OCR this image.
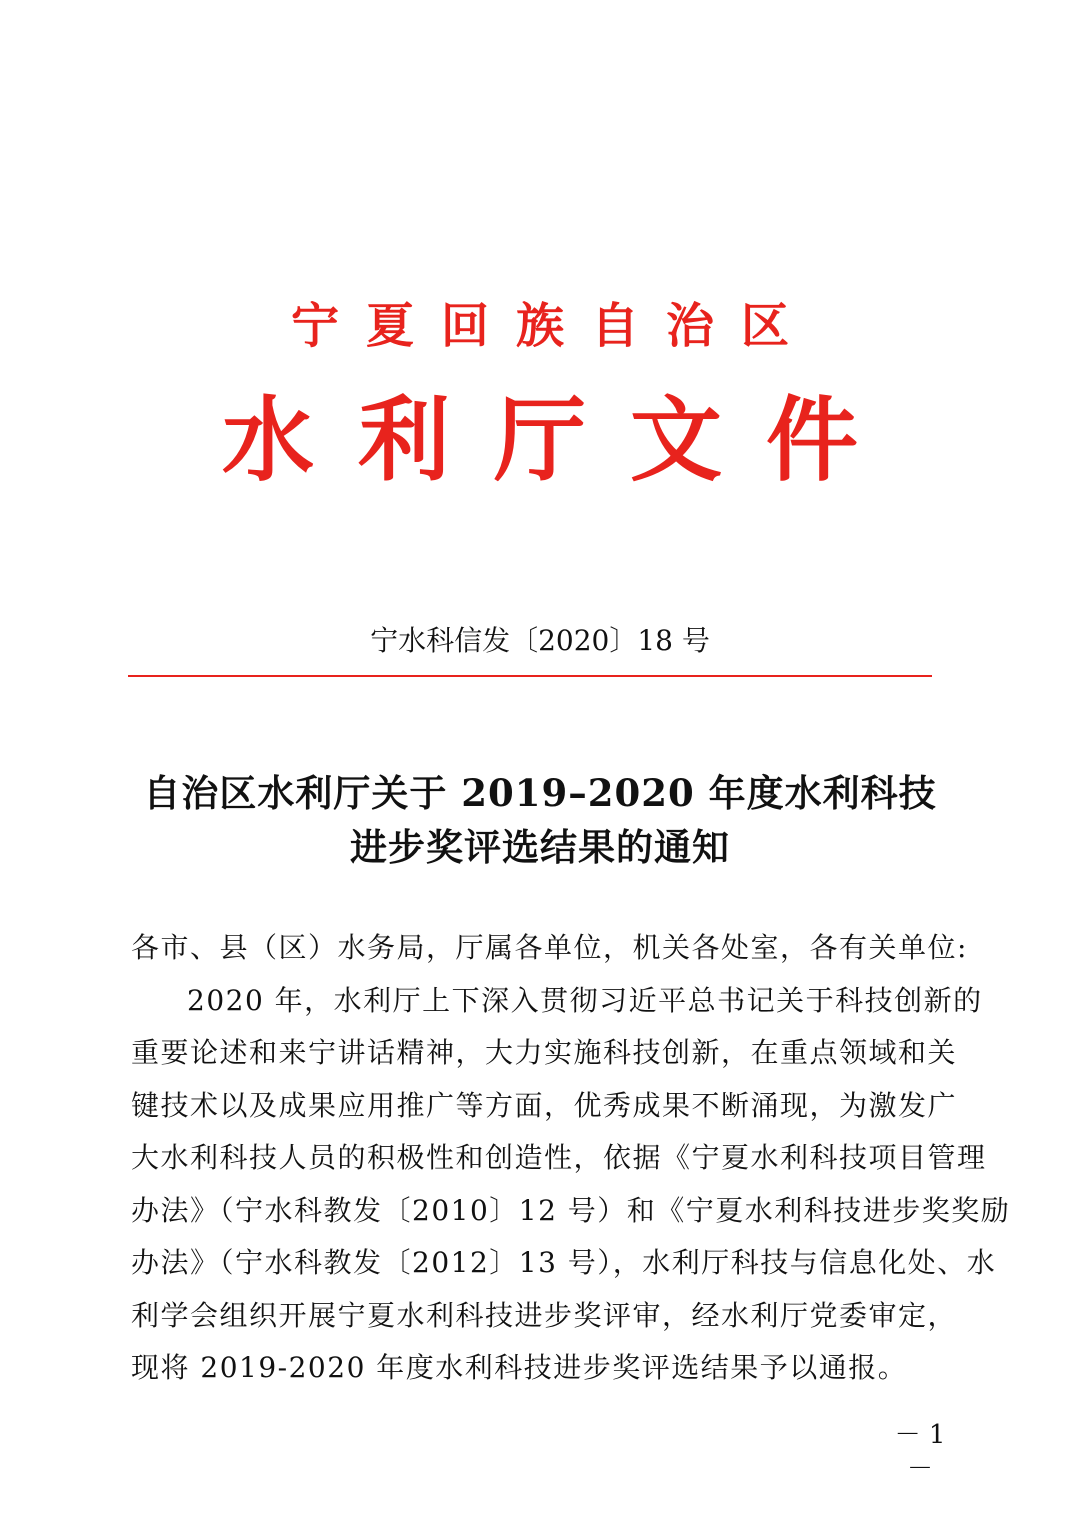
宁夏回族自治区
水利厅文件
宁水科信发〔2020〕18 号
自治区水利厅关于 2019–2020 年度水利科技
进步奖评选结果的通知
各市、县（区）水务局，厅属各单位，机关各处室，各有关单位:
2020 年，水利厅上下深入贯彻习近平总书记关于科技创新的
重要论述和来宁讲话精神，大力实施科技创新，在重点领域和关
键技术以及成果应用推广等方面，优秀成果不断涌现，为激发广
大水利科技人员的积极性和创造性，依据《宁夏水利科技项目管理
办法》（宁水科教发〔2010〕12 号）和《宁夏水利科技进步奖奖励
办法》（宁水科教发〔2012〕13 号），水利厅科技与信息化处、水
利学会组织开展宁夏水利科技进步奖评审，经水利厅党委审定，
现将 2019-2020 年度水利科技进步奖评选结果予以通报。
－ 1 －
